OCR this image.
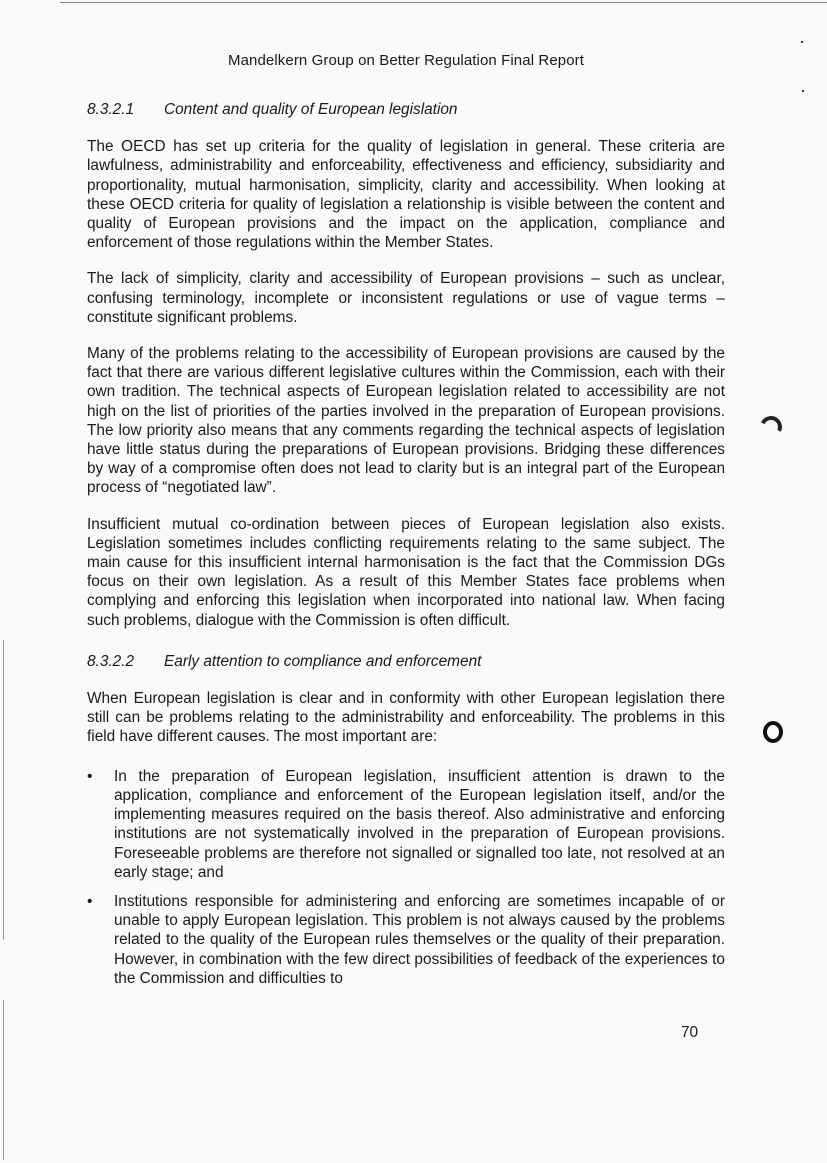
Mandelkern Group on Better Regulation Final Report
8.3.2.1	Content and quality of European legislation

The OECD has set up criteria for the quality of legislation in general. These criteria are lawfulness, administrability and enforceability, effectiveness and efficiency, subsidiarity and proportionality, mutual harmonisation, simplicity, clarity and accessibility. When looking at these OECD criteria for quality of legislation a relationship is visible between the content and quality of European provisions and the impact on the application, compliance and enforcement of those regulations within the Member States.

The lack of simplicity, clarity and accessibility of European provisions – such as unclear, confusing terminology, incomplete or inconsistent regulations or use of vague terms – constitute significant problems.

Many of the problems relating to the accessibility of European provisions are caused by the fact that there are various different legislative cultures within the Commission, each with their own tradition. The technical aspects of European legislation related to accessibility are not high on the list of priorities of the parties involved in the preparation of European provisions. The low priority also means that any comments regarding the technical aspects of legislation have little status during the preparations of European provisions. Bridging these differences by way of a compromise often does not lead to clarity but is an integral part of the European process of “negotiated law”.

Insufficient mutual co-ordination between pieces of European legislation also exists. Legislation sometimes includes conflicting requirements relating to the same subject. The main cause for this insufficient internal harmonisation is the fact that the Commission DGs focus on their own legislation. As a result of this Member States face problems when complying and enforcing this legislation when incorporated into national law. When facing such problems, dialogue with the Commission is often difficult.

8.3.2.2	Early attention to compliance and enforcement

When European legislation is clear and in conformity with other European legislation there still can be problems relating to the administrability and enforceability. The problems in this field have different causes. The most important are:

• In the preparation of European legislation, insufficient attention is drawn to the application, compliance and enforcement of the European legislation itself, and/or the implementing measures required on the basis thereof. Also administrative and enforcing institutions are not systematically involved in the preparation of European provisions. Foreseeable problems are therefore not signalled or signalled too late, not resolved at an early stage; and
• Institutions responsible for administering and enforcing are sometimes incapable of or unable to apply European legislation. This problem is not always caused by the problems related to the quality of the European rules themselves or the quality of their preparation. However, in combination with the few direct possibilities of feedback of the experiences to the Commission and difficulties to
70
